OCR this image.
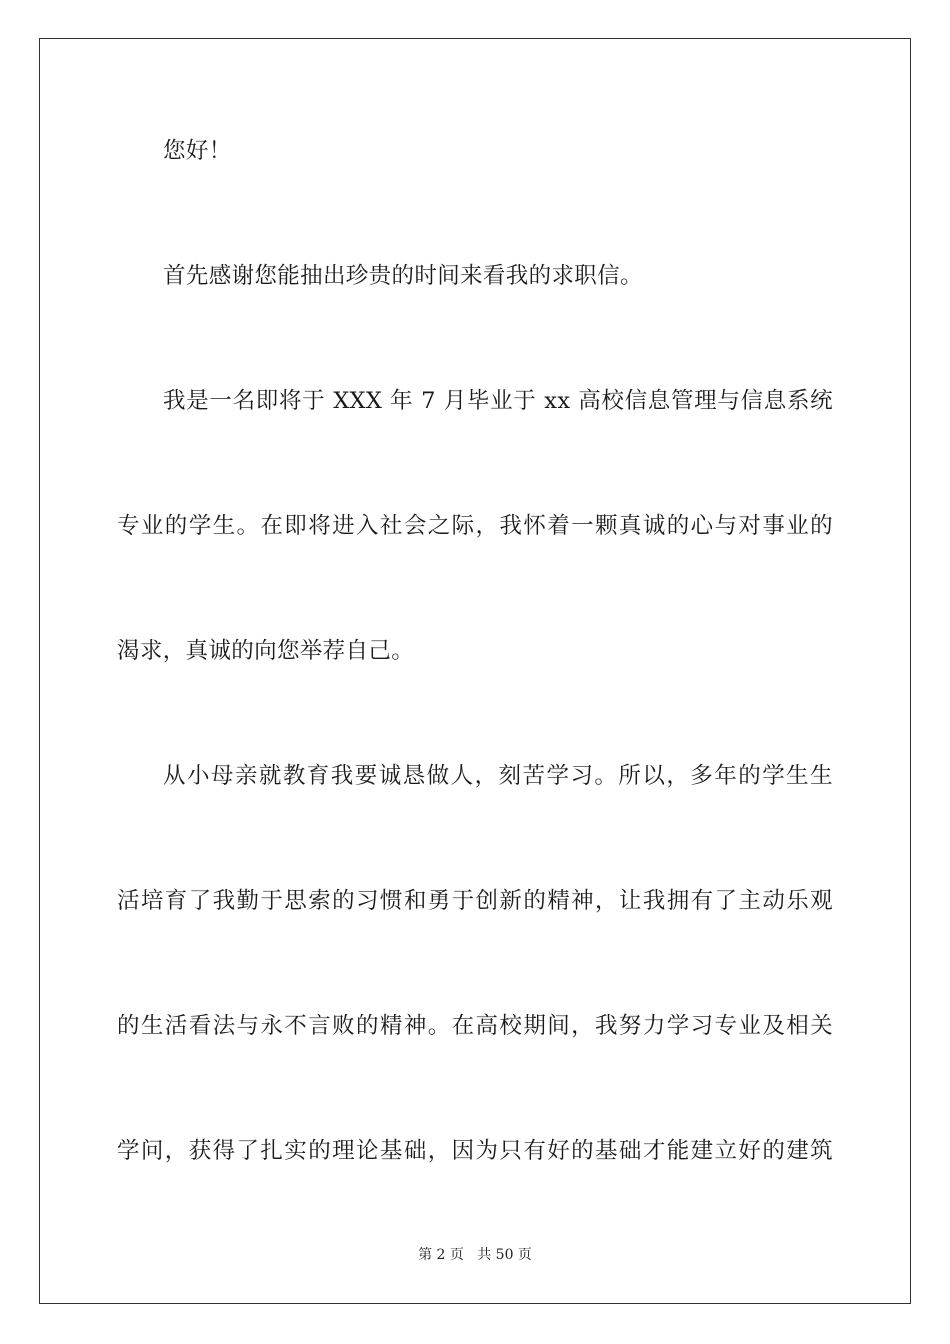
您好！
首先感谢您能抽出珍贵的时间来看我的求职信。
我是一名即将于 XXX 年 7 月毕业于 xx 高校信息管理与信息系统
专业的学生。在即将进入社会之际，我怀着一颗真诚的心与对事业的
渴求，真诚的向您举荐自己。
从小母亲就教育我要诚恳做人，刻苦学习。所以，多年的学生生
活培育了我勤于思索的习惯和勇于创新的精神，让我拥有了主动乐观
的生活看法与永不言败的精神。在高校期间，我努力学习专业及相关
学问，获得了扎实的理论基础，因为只有好的基础才能建立好的建筑
第 2 页   共 50 页
